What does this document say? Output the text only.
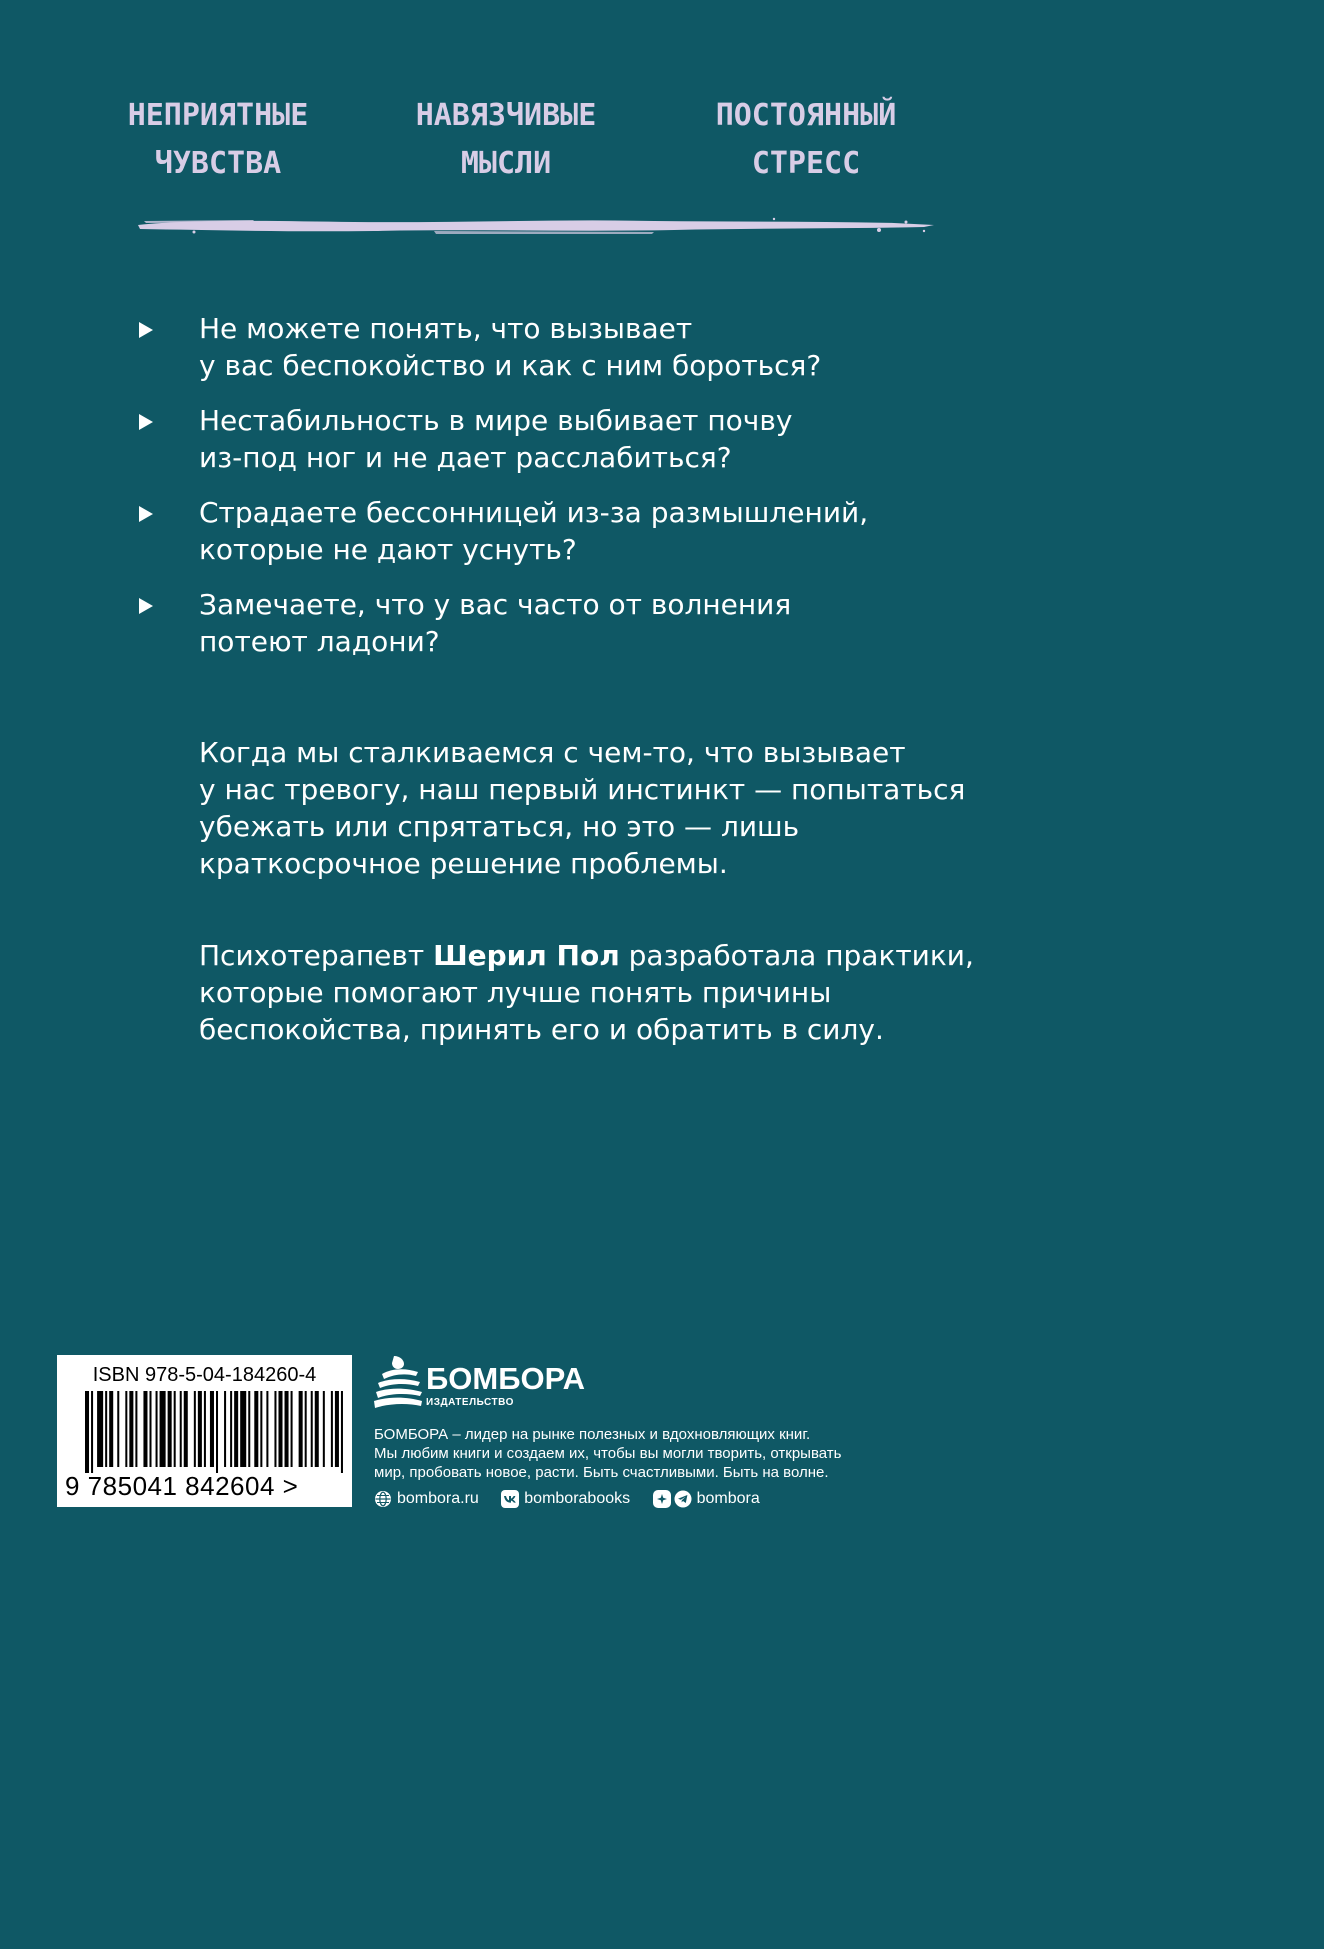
НЕПРИЯТНЫЕ
ЧУВСТВА
НАВЯЗЧИВЫЕ
МЫСЛИ
ПОСТОЯННЫЙ
СТРЕСС
Не можете понять, что вызывает
у вас беспокойство и как с ним бороться?
Нестабильность в мире выбивает почву
из-под ног и не дает расслабиться?
Страдаете бессонницей из-за размышлений,
которые не дают уснуть?
Замечаете, что у вас часто от волнения
потеют ладони?
Когда мы сталкиваемся с чем-то, что вызывает
у нас тревогу, наш первый инстинкт — попытаться
убежать или спрятаться, но это — лишь
краткосрочное решение проблемы.
Психотерапевт Шерил Пол разработала практики,
которые помогают лучше понять причины
беспокойства, принять его и обратить в силу.
ISBN 978-5-04-184260-4
9 785041 842604 >
БОМБОРА
ИЗДАТЕЛЬСТВО
БОМБОРА – лидер на рынке полезных и вдохновляющих книг.
Мы любим книги и создаем их, чтобы вы могли творить, открывать
мир, пробовать новое, расти. Быть счастливыми. Быть на волне.
bombora.ru
	bomborabooks
	bombora
